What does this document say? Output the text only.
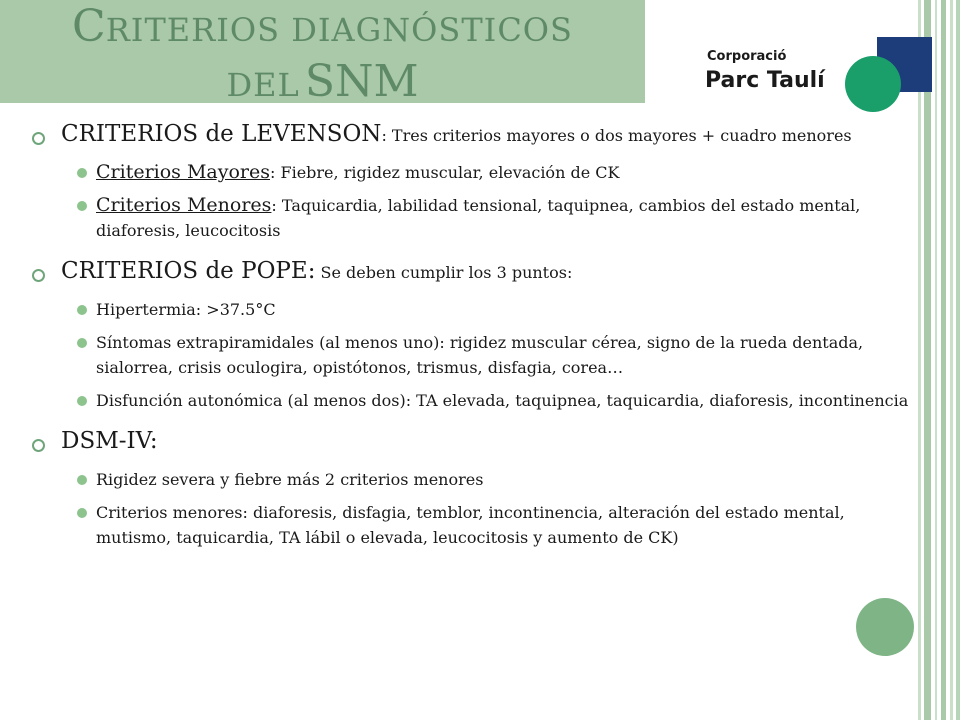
CRITERIOS DIAGNÓSTICOS
DEL SNM	Corporació
Parc Taulí
CRITERIOS de LEVENSON: Tres criterios mayores o dos mayores + cuadro menores
Criterios Mayores: Fiebre, rigidez muscular, elevación de CK
Criterios Menores: Taquicardia, labilidad tensional, taquipnea, cambios del estado mental, diaforesis, leucocitosis
CRITERIOS de POPE: Se deben cumplir los 3 puntos:
Hipertermia: >37.5°C
Síntomas extrapiramidales (al menos uno): rigidez muscular cérea, signo de la rueda dentada, sialorrea, crisis oculogira, opistótonos, trismus, disfagia, corea…
Disfunción autonómica (al menos dos): TA elevada, taquipnea, taquicardia, diaforesis, incontinencia
DSM-IV:
Rigidez severa y fiebre más 2 criterios menores
Criterios menores: diaforesis, disfagia, temblor, incontinencia, alteración del estado mental, mutismo, taquicardia, TA lábil o elevada, leucocitosis y aumento de CK)
